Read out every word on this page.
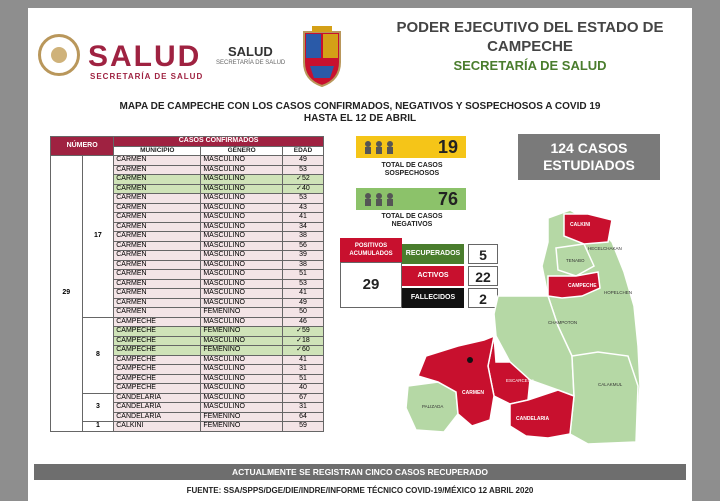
SALUD
SECRETARÍA DE SALUD
SALUD
SECRETARÍA DE SALUD
PODER EJECUTIVO DEL ESTADO DE CAMPECHE
SECRETARÍA DE SALUD
MAPA DE CAMPECHE CON LOS CASOS CONFIRMADOS, NEGATIVOS Y SOSPECHOSOS A COVID 19
HASTA EL 12 DE ABRIL
NÚMERO		CASOS CONFIRMADOS		
		MUNICIPIO	GÉNERO	EDAD
29	17	CARMEN	MASCULINO	49
		CARMEN	MASCULINO	53
		CARMEN	MASCULINO	✓52
		CARMEN	MASCULINO	✓40
		CARMEN	MASCULINO	53
		CARMEN	MASCULINO	43
		CARMEN	MASCULINO	41
		CARMEN	MASCULINO	34
		CARMEN	MASCULINO	38
		CARMEN	MASCULINO	56
		CARMEN	MASCULINO	39
		CARMEN	MASCULINO	38
		CARMEN	MASCULINO	51
		CARMEN	MASCULINO	53
		CARMEN	MASCULINO	41
		CARMEN	MASCULINO	49
		CARMEN	FEMENINO	50
	8	CAMPECHE	MASCULINO	46
		CAMPECHE	FEMENINO	✓59
		CAMPECHE	MASCULINO	✓18
		CAMPECHE	FEMENINO	✓60
		CAMPECHE	MASCULINO	41
		CAMPECHE	MASCULINO	31
		CAMPECHE	MASCULINO	51
		CAMPECHE	MASCULINO	40
	3	CANDELARIA	MASCULINO	67
		CANDELARIA	MASCULINO	31
		CANDELARIA	FEMENINO	64
	1	CALKINI	FEMENINO	59
19
TOTAL DE CASOS SOSPECHOSOS
76
TOTAL DE CASOS NEGATIVOS
124 CASOS ESTUDIADOS
POSITIVOS ACUMULADOS
29
RECUPERADOS	5
ACTIVOS	22
FALLECIDOS	2
CALKINI
HECELCHAKAN
TENABO
CAMPECHE
HOPELCHEN
CHAMPOTON
ESCARCEGA
CALAKMUL
PALIZADA
CARMEN
CANDELARIA
ACTUALMENTE SE REGISTRAN CINCO CASOS RECUPERADO
FUENTE: SSA/SPPS/DGE/DIE/INDRE/INFORME TÉCNICO COVID-19/MÉXICO 12 ABRIL 2020
